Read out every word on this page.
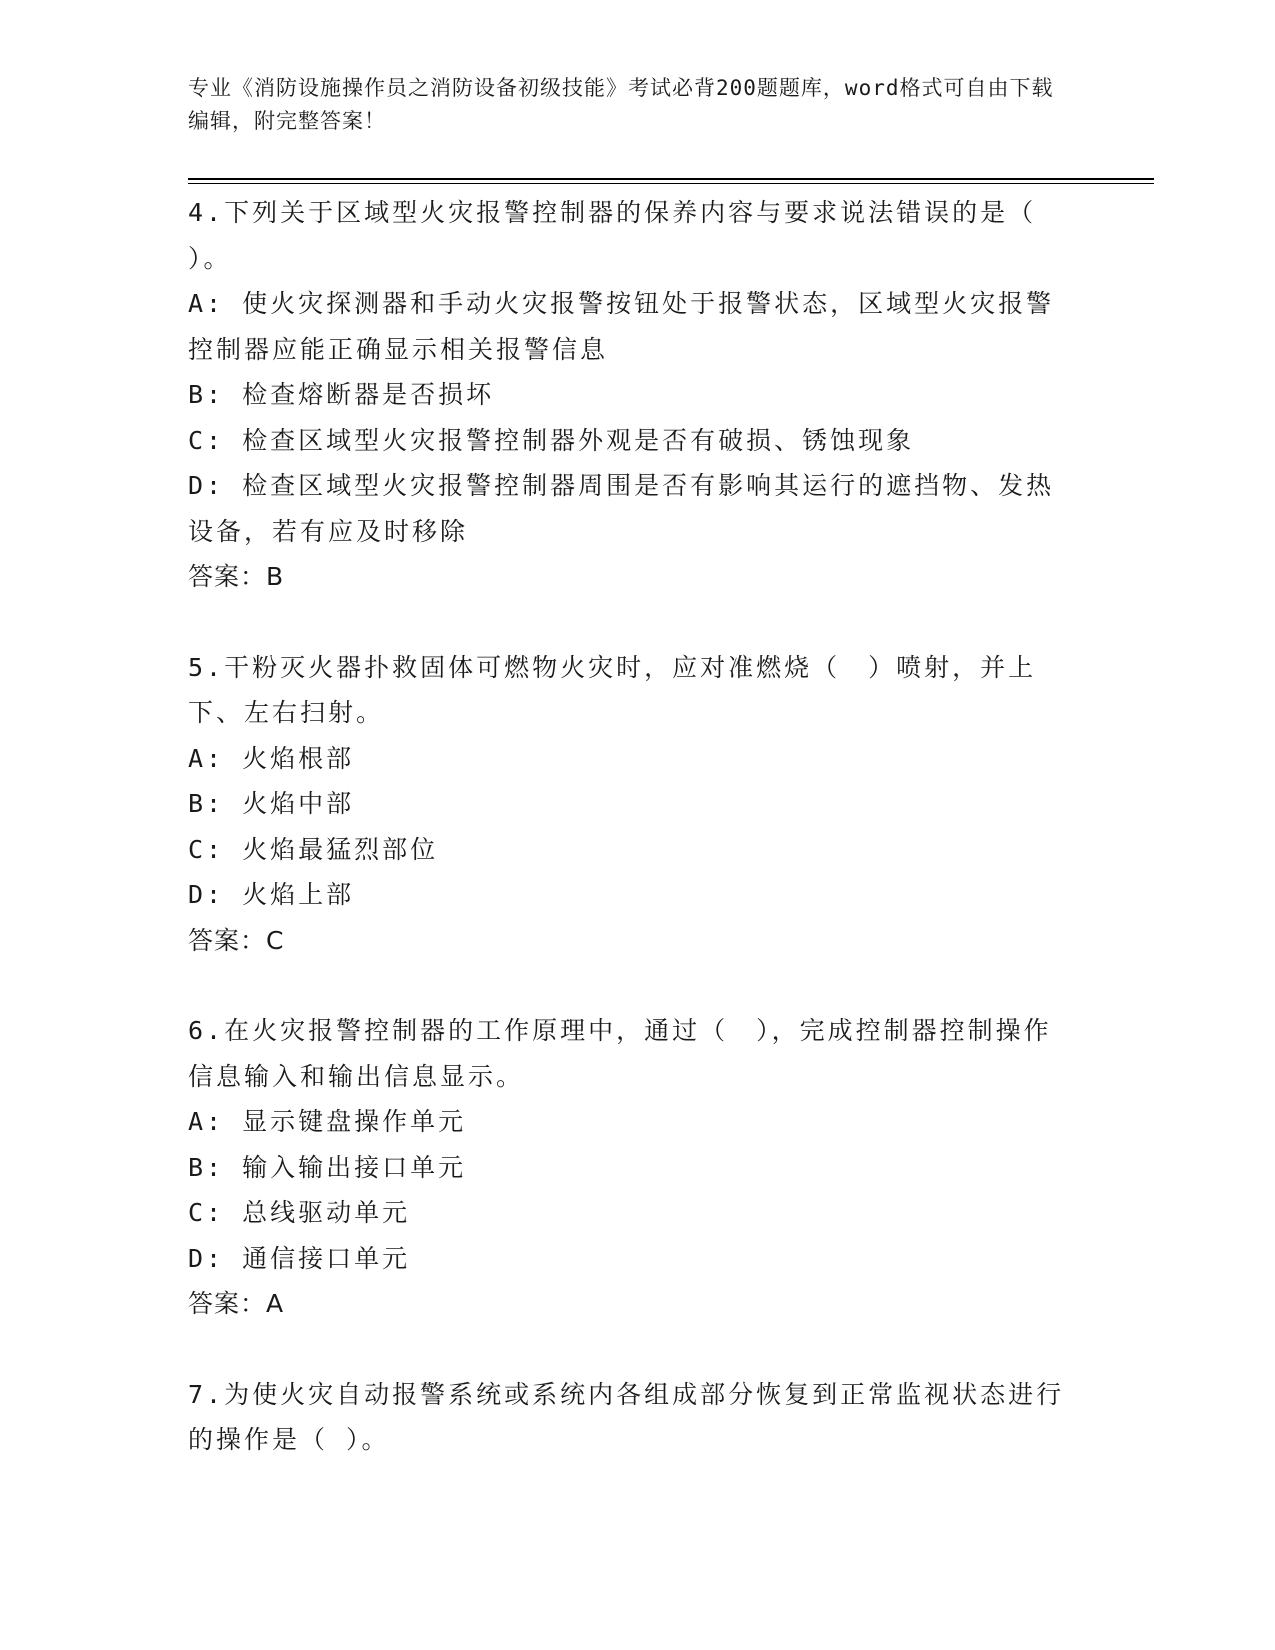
专业《消防设施操作员之消防设备初级技能》考试必背200题题库，word格式可自由下载编辑，附完整答案！
4.下列关于区域型火灾报警控制器的保养内容与要求说法错误的是（ ）。
A: 使火灾探测器和手动火灾报警按钮处于报警状态，区域型火灾报警控制器应能正确显示相关报警信息
B: 检查熔断器是否损坏
C: 检查区域型火灾报警控制器外观是否有破损、锈蚀现象
D: 检查区域型火灾报警控制器周围是否有影响其运行的遮挡物、发热设备，若有应及时移除
答案：B
5.干粉灭火器扑救固体可燃物火灾时，应对准燃烧（　）喷射，并上下、左右扫射。
A: 火焰根部
B: 火焰中部
C: 火焰最猛烈部位
D: 火焰上部
答案：C
6.在火灾报警控制器的工作原理中，通过（　），完成控制器控制操作信息输入和输出信息显示。
A: 显示键盘操作单元
B: 输入输出接口单元
C: 总线驱动单元
D: 通信接口单元
答案：A
7.为使火灾自动报警系统或系统内各组成部分恢复到正常监视状态进行的操作是（ ）。
